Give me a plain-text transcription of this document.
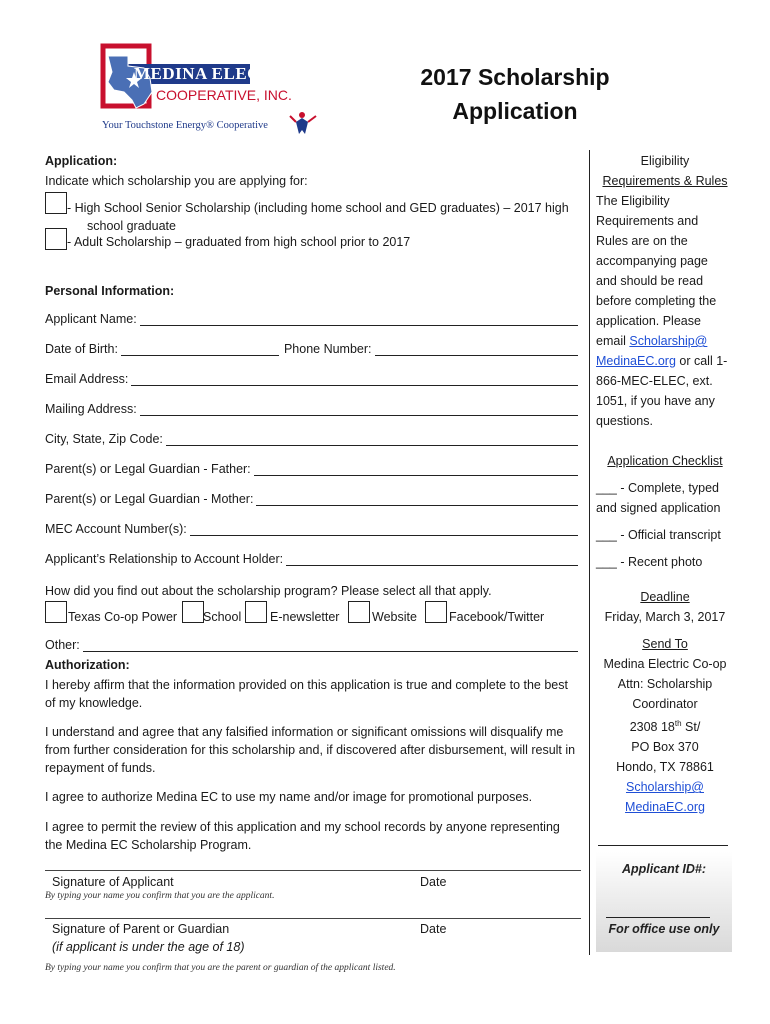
MEDINA ELECTRIC
COOPERATIVE, INC.
Your Touchstone Energy® Cooperative
2017 Scholarship
Application
Application:
Indicate which scholarship you are applying for:
- High School Senior Scholarship (including home school and GED graduates) – 2017 high
school graduate
- Adult Scholarship – graduated from high school prior to 2017
Personal Information:
Applicant Name:
Date of Birth:	Phone Number:
Email Address:
Mailing Address:
City, State, Zip Code:
Parent(s) or Legal Guardian - Father:
Parent(s) or Legal Guardian - Mother:
MEC Account Number(s):
Applicant’s Relationship to Account Holder:
How did you find out about the scholarship program? Please select all that apply.
Texas Co-op Power School E-newsletter	Website	Facebook/Twitter
Other:
Authorization:
I hereby affirm that the information provided on this application is true and complete to the best of my knowledge.
I understand and agree that any falsified information or significant omissions will disqualify me from further consideration for this scholarship and, if discovered after disbursement, will result in repayment of funds.
I agree to authorize Medina EC to use my name and/or image for promotional purposes.
I agree to permit the review of this application and my school records by anyone representing the Medina EC Scholarship Program.
Signature of Applicant	Date
By typing your name you confirm that you are the applicant.
Signature of Parent or Guardian	Date
(if applicant is under the age of 18)
By typing your name you confirm that you are the parent or guardian of the applicant listed.
Eligibility
Requirements & Rules
The Eligibility Requirements and Rules are on the accompanying page and should be read before completing the application. Please email Scholarship@ MedinaEC.org or call 1-866-MEC-ELEC, ext. 1051, if you have any questions.
Application Checklist
___ - Complete, typed
and signed application
___ - Official transcript
___ - Recent photo
Deadline
Friday, March 3, 2017
Send To
Medina Electric Co-op
Attn: Scholarship
Coordinator
2308 18th St/
PO Box 370
Hondo, TX 78861
Scholarship@
MedinaEC.org
Applicant ID#:
For office use only
